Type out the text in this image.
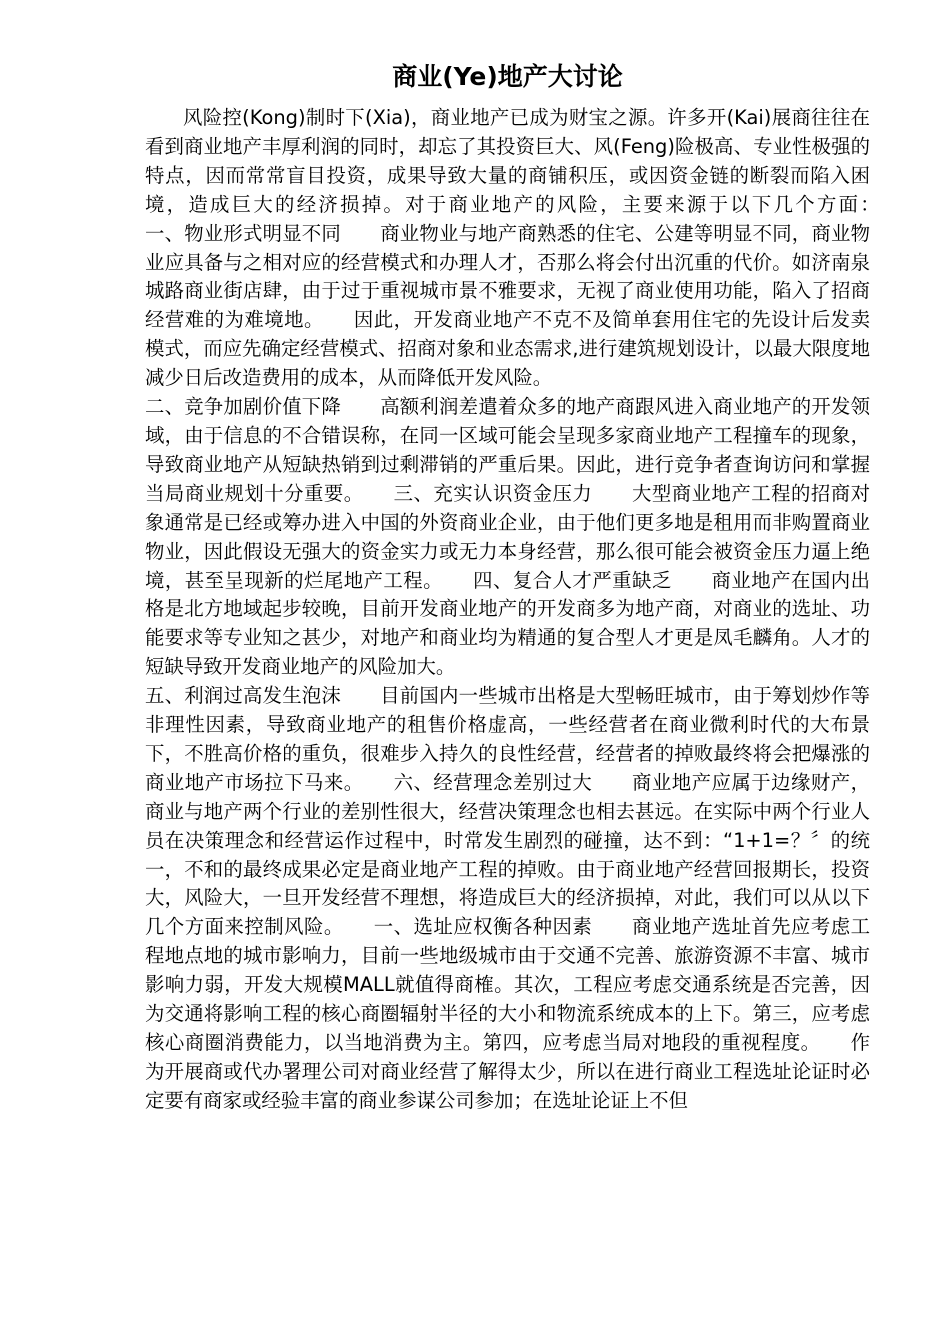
商业(Ye)地产大讨论

风险控(Kong)制时下(Xia)，商业地产已成为财宝之源。许多开(Kai)展商往往在看到商业地产丰厚利润的同时，却忘了其投资巨大、风(Feng)险极高、专业性极强的特点，因而常常盲目投资，成果导致大量的商铺积压，或因资金链的断裂而陷入困境，造成巨大的经济损掉。对于商业地产的风险，主要来源于以下几个方面：　　一、物业形式明显不同　　商业物业与地产商熟悉的住宅、公建等明显不同，商业物业应具备与之相对应的经营模式和办理人才，否那么将会付出沉重的代价。如济南泉城路商业街店肆，由于过于重视城市景不雅要求，无视了商业使用功能，陷入了招商经营难的为难境地。　　因此，开发商业地产不克不及简单套用住宅的先设计后发卖模式，而应先确定经营模式、招商对象和业态需求,进行建筑规划设计，以最大限度地减少日后改造费用的成本，从而降低开发风险。

二、竞争加剧价值下降　　高额利润差遣着众多的地产商跟风进入商业地产的开发领域，由于信息的不合错误称，在同一区域可能会呈现多家商业地产工程撞车的现象，导致商业地产从短缺热销到过剩滞销的严重后果。因此，进行竞争者查询访问和掌握当局商业规划十分重要。　　三、充实认识资金压力　　大型商业地产工程的招商对象通常是已经或筹办进入中国的外资商业企业，由于他们更多地是租用而非购置商业物业，因此假设无强大的资金实力或无力本身经营，那么很可能会被资金压力逼上绝境，甚至呈现新的烂尾地产工程。　　四、复合人才严重缺乏　　商业地产在国内出格是北方地域起步较晚，目前开发商业地产的开发商多为地产商，对商业的选址、功能要求等专业知之甚少，对地产和商业均为精通的复合型人才更是凤毛麟角。人才的短缺导致开发商业地产的风险加大。

五、利润过高发生泡沫　　目前国内一些城市出格是大型畅旺城市，由于筹划炒作等非理性因素，导致商业地产的租售价格虚高，一些经营者在商业微利时代的大布景下，不胜高价格的重负，很难步入持久的良性经营，经营者的掉败最终将会把爆涨的商业地产市场拉下马来。　　六、经营理念差别过大　　商业地产应属于边缘财产，商业与地产两个行业的差别性很大，经营决策理念也相去甚远。在实际中两个行业人员在决策理念和经营运作过程中，时常发生剧烈的碰撞，达不到：“1+1=？〞的统一，不和的最终成果必定是商业地产工程的掉败。由于商业地产经营回报期长，投资大，风险大，一旦开发经营不理想，将造成巨大的经济损掉，对此，我们可以从以下几个方面来控制风险。　　一、选址应权衡各种因素　　商业地产选址首先应考虑工程地点地的城市影响力，目前一些地级城市由于交通不完善、旅游资源不丰富、城市影响力弱，开发大规模MALL就值得商榷。其次，工程应考虑交通系统是否完善，因为交通将影响工程的核心商圈辐射半径的大小和物流系统成本的上下。第三，应考虑核心商圈消费能力，以当地消费为主。第四，应考虑当局对地段的重视程度。　　作为开展商或代办署理公司对商业经营了解得太少，所以在进行商业工程选址论证时必定要有商家或经验丰富的商业参谋公司参加；在选址论证上不但
